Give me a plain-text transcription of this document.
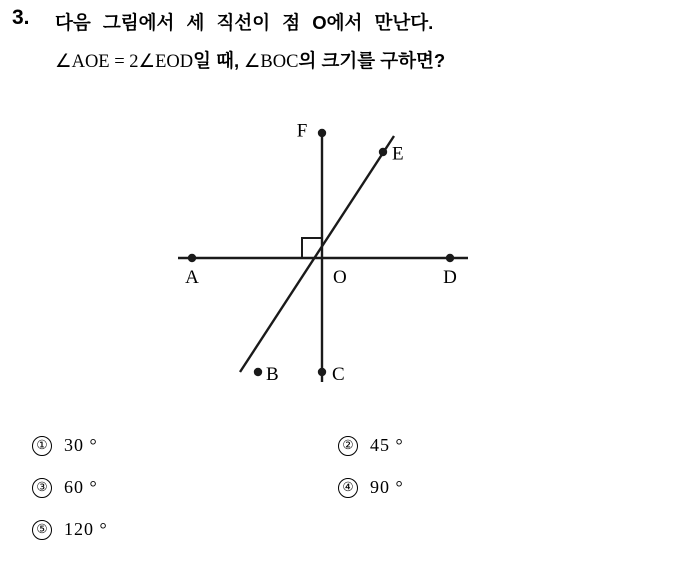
3. 다음 그림에서 세 직선이 점 O에서 만난다.
∠AOE = 2∠EOD일 때, ∠BOC의 크기를 구하면?
F
E
A	O	D
B	C
① 30 °	② 45 °
③ 60 °	④ 90 °
⑤ 120 °
